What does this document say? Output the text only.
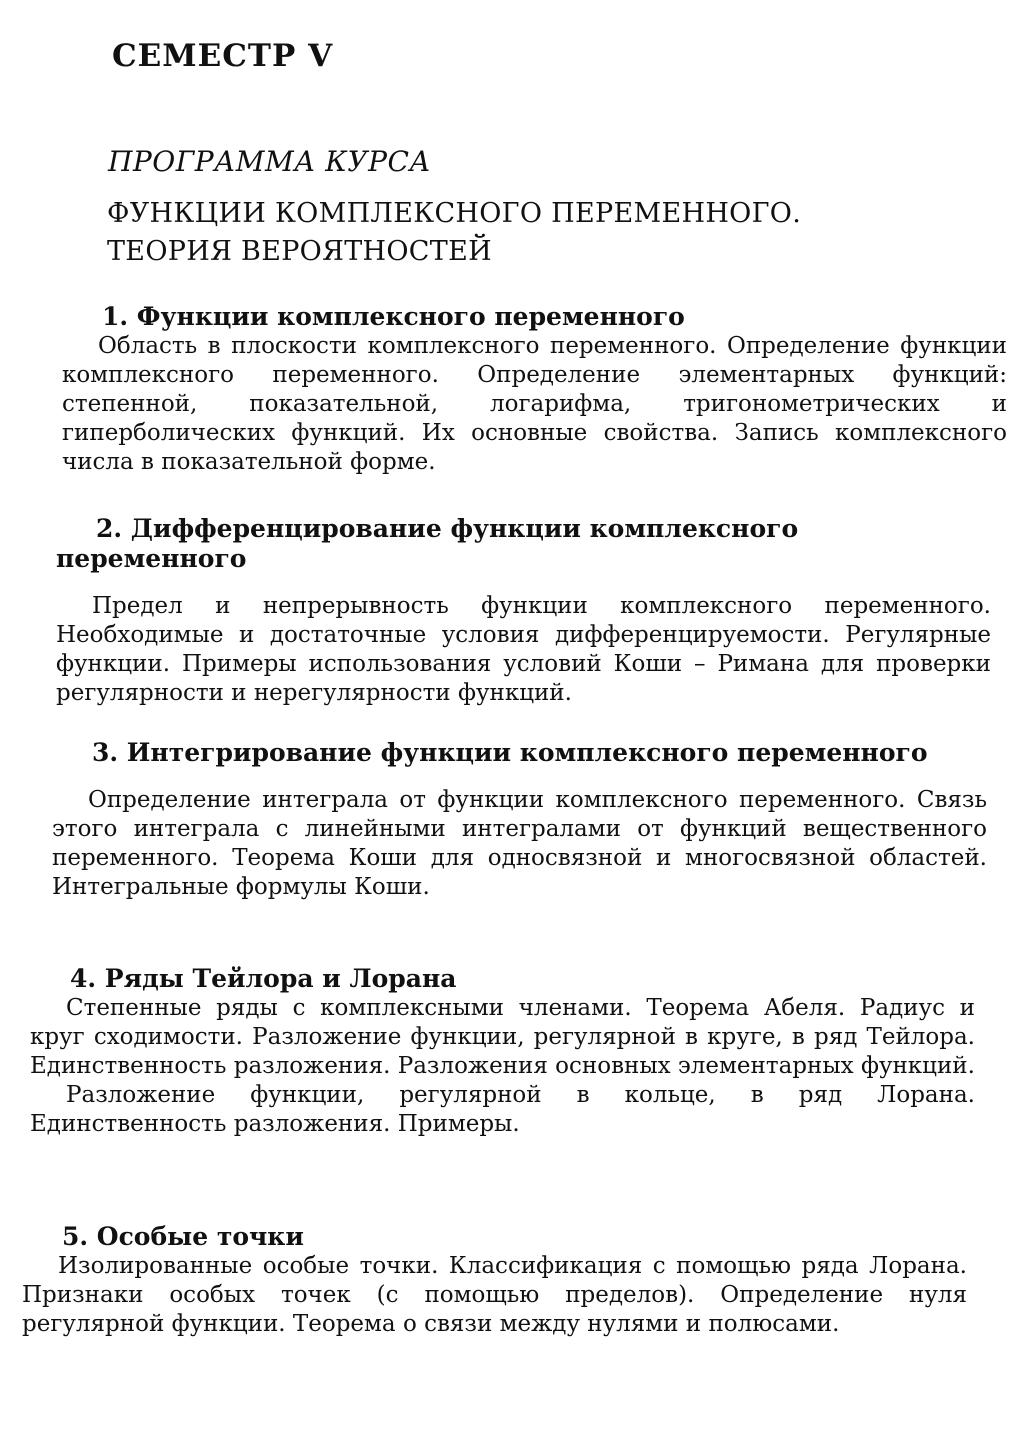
СЕМЕСТР V
ПРОГРАММА КУРСА
ФУНКЦИИ КОМПЛЕКСНОГО ПЕРЕМЕННОГО.
ТЕОРИЯ ВЕРОЯТНОСТЕЙ
1. Функции комплексного переменного
Область в плоскости комплексного переменного. Определение функции комплексного переменного. Определение элементарных функций: степенной, показательной, логарифма, тригонометрических и гиперболических функций. Их основные свойства. Запись комплексного числа в показательной форме.
2. Дифференцирование функции комплексного переменного
Предел и непрерывность функции комплексного переменного. Необходимые и достаточные условия дифференцируемости. Регулярные функции. Примеры использования условий Коши – Римана для проверки регулярности и нерегулярности функций.
3. Интегрирование функции комплексного переменного
Определение интеграла от функции комплексного переменного. Связь этого интеграла с линейными интегралами от функций вещественного переменного. Теорема Коши для односвязной и многосвязной областей. Интегральные формулы Коши.
4. Ряды Тейлора и Лорана
Степенные ряды с комплексными членами. Теорема Абеля. Радиус и круг сходимости. Разложение функции, регулярной в круге, в ряд Тейлора. Единственность разложения. Разложения основных элементарных функций.
Разложение функции, регулярной в кольце, в ряд Лорана. Единственность разложения. Примеры.
5. Особые точки
Изолированные особые точки. Классификация с помощью ряда Лорана. Признаки особых точек (с помощью пределов). Определение нуля регулярной функции. Теорема о связи между нулями и полюсами.
